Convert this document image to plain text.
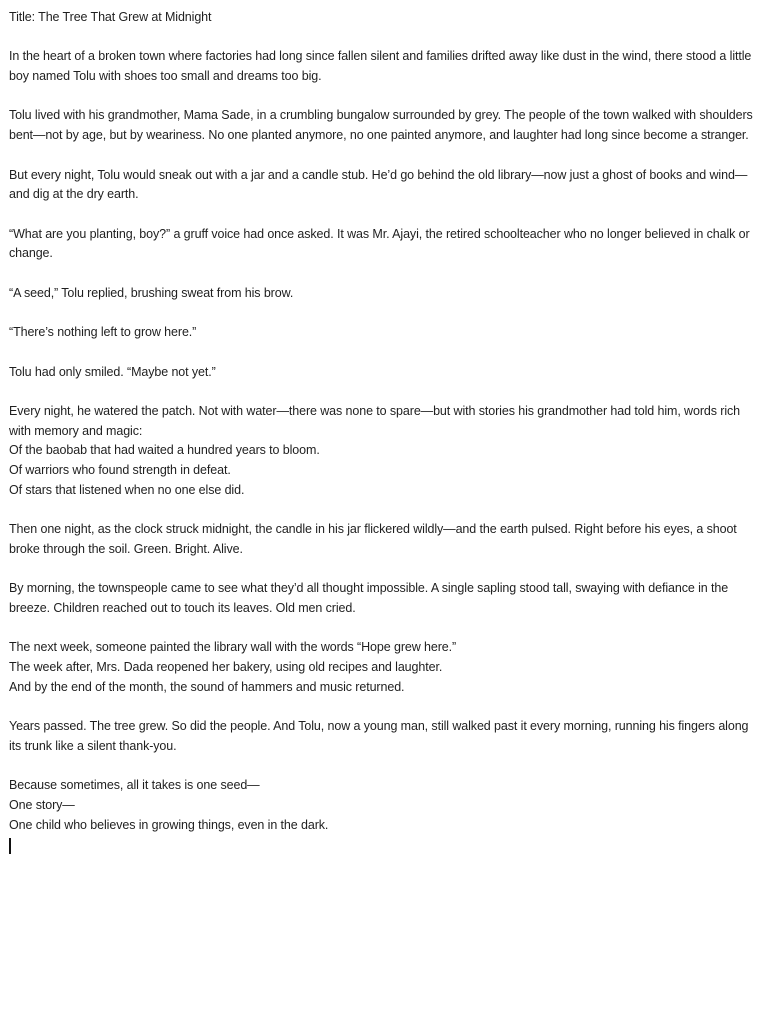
Title: The Tree That Grew at Midnight

In the heart of a broken town where factories had long since fallen silent and families drifted away like dust in the wind, there stood a little boy named Tolu with shoes too small and dreams too big.

Tolu lived with his grandmother, Mama Sade, in a crumbling bungalow surrounded by grey. The people of the town walked with shoulders bent—not by age, but by weariness. No one planted anymore, no one painted anymore, and laughter had long since become a stranger.

But every night, Tolu would sneak out with a jar and a candle stub. He’d go behind the old library—now just a ghost of books and wind—and dig at the dry earth.

“What are you planting, boy?” a gruff voice had once asked. It was Mr. Ajayi, the retired schoolteacher who no longer believed in chalk or change.

“A seed,” Tolu replied, brushing sweat from his brow.

“There’s nothing left to grow here.”

Tolu had only smiled. “Maybe not yet.”

Every night, he watered the patch. Not with water—there was none to spare—but with stories his grandmother had told him, words rich with memory and magic:
Of the baobab that had waited a hundred years to bloom.
Of warriors who found strength in defeat.
Of stars that listened when no one else did.

Then one night, as the clock struck midnight, the candle in his jar flickered wildly—and the earth pulsed. Right before his eyes, a shoot broke through the soil. Green. Bright. Alive.

By morning, the townspeople came to see what they’d all thought impossible. A single sapling stood tall, swaying with defiance in the breeze. Children reached out to touch its leaves. Old men cried.

The next week, someone painted the library wall with the words “Hope grew here.”
The week after, Mrs. Dada reopened her bakery, using old recipes and laughter.
And by the end of the month, the sound of hammers and music returned.

Years passed. The tree grew. So did the people. And Tolu, now a young man, still walked past it every morning, running his fingers along its trunk like a silent thank-you.

Because sometimes, all it takes is one seed—
One story—
One child who believes in growing things, even in the dark.
